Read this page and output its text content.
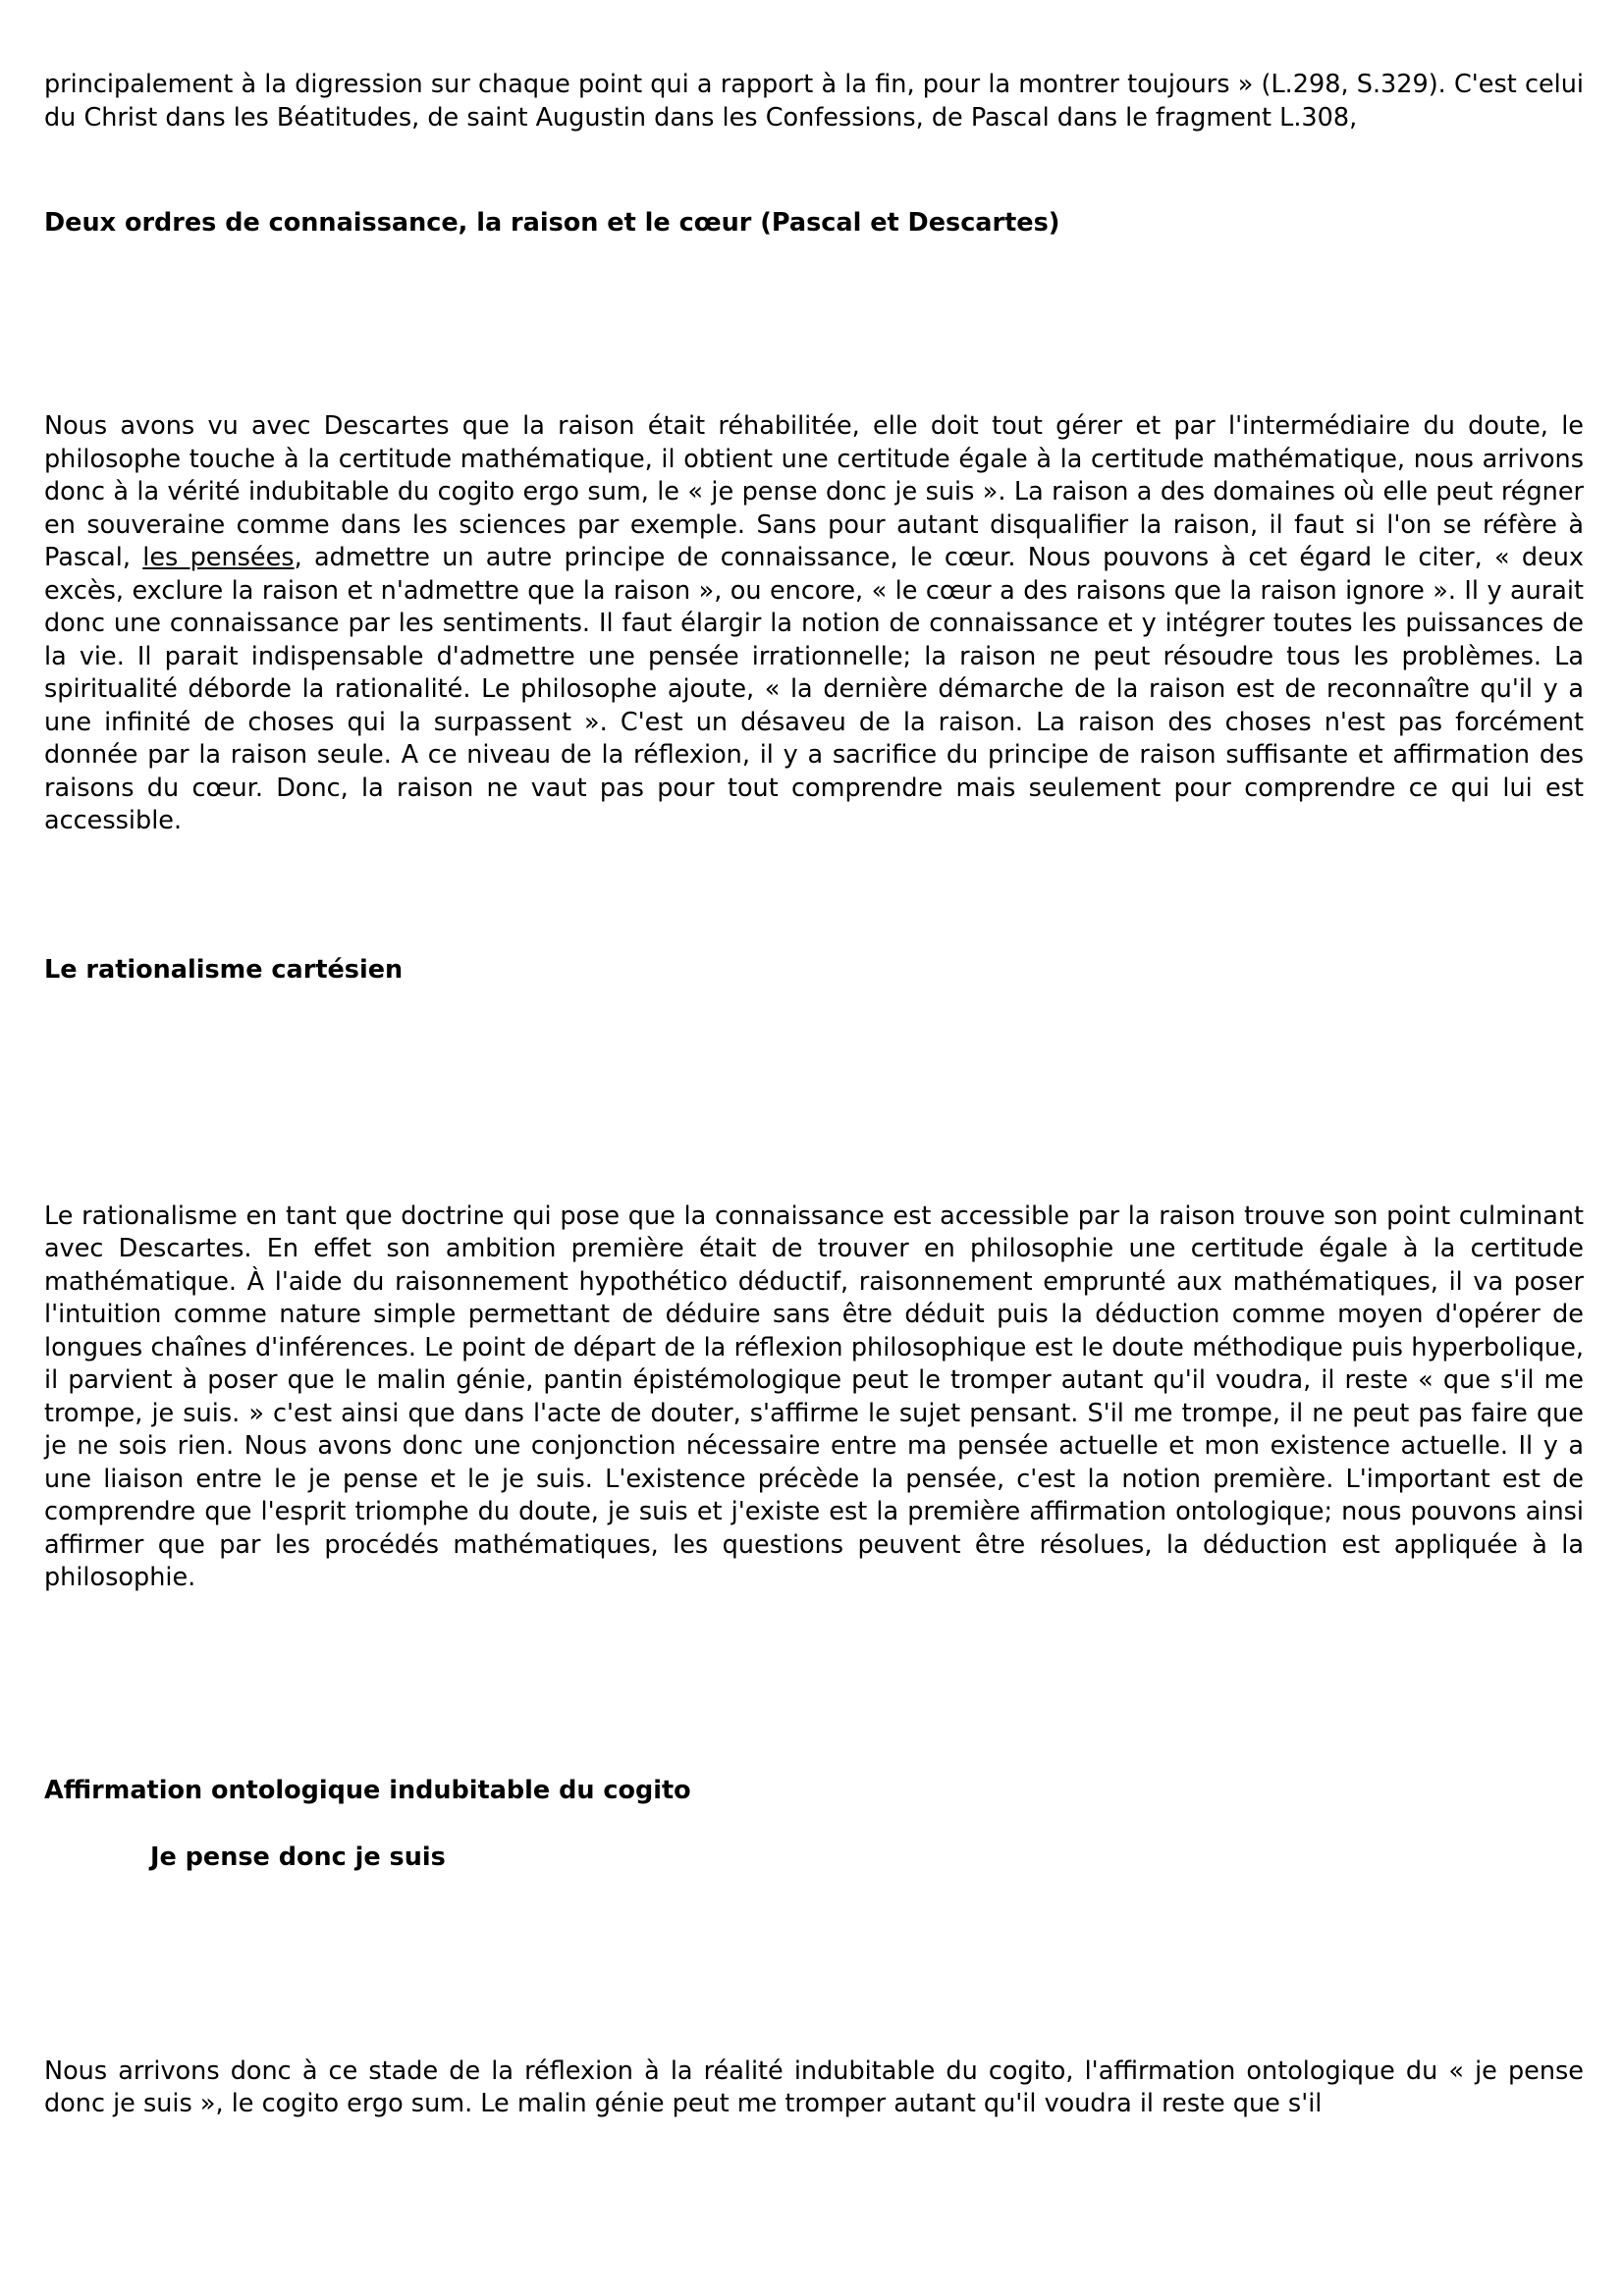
principalement à la digression sur chaque point qui a rapport à la fin, pour la montrer toujours » (L.298, S.329). C'est celui du Christ dans les Béatitudes, de saint Augustin dans les Confessions, de Pascal dans le fragment L.308,

Deux ordres de connaissance, la raison et le cœur (Pascal et Descartes)

Nous avons vu avec Descartes que la raison était réhabilitée, elle doit tout gérer et par l'intermédiaire du doute, le philosophe touche à la certitude mathématique, il obtient une certitude égale à la certitude mathématique, nous arrivons donc à la vérité indubitable du cogito ergo sum, le « je pense donc je suis ». La raison a des domaines où elle peut régner en souveraine comme dans les sciences par exemple. Sans pour autant disqualifier la raison, il faut si l'on se réfère à Pascal, les pensées, admettre un autre principe de connaissance, le cœur. Nous pouvons à cet égard le citer, « deux excès, exclure la raison et n'admettre que la raison », ou encore, « le cœur a des raisons que la raison ignore ». Il y aurait donc une connaissance par les sentiments. Il faut élargir la notion de connaissance et y intégrer toutes les puissances de la vie. Il parait indispensable d'admettre une pensée irrationnelle; la raison ne peut résoudre tous les problèmes. La spiritualité déborde la rationalité. Le philosophe ajoute, « la dernière démarche de la raison est de reconnaître qu'il y a une infinité de choses qui la surpassent ». C'est un désaveu de la raison. La raison des choses n'est pas forcément donnée par la raison seule. A ce niveau de la réflexion, il y a sacrifice du principe de raison suffisante et affirmation des raisons du cœur. Donc, la raison ne vaut pas pour tout comprendre mais seulement pour comprendre ce qui lui est accessible.

Le rationalisme cartésien

Le rationalisme en tant que doctrine qui pose que la connaissance est accessible par la raison trouve son point culminant avec Descartes. En effet son ambition première était de trouver en philosophie une certitude égale à la certitude mathématique. À l'aide du raisonnement hypothético déductif, raisonnement emprunté aux mathématiques, il va poser l'intuition comme nature simple permettant de déduire sans être déduit puis la déduction comme moyen d'opérer de longues chaînes d'inférences. Le point de départ de la réflexion philosophique est le doute méthodique puis hyperbolique, il parvient à poser que le malin génie, pantin épistémologique peut le tromper autant qu'il voudra, il reste « que s'il me trompe, je suis. » c'est ainsi que dans l'acte de douter, s'affirme le sujet pensant. S'il me trompe, il ne peut pas faire que je ne sois rien. Nous avons donc une conjonction nécessaire entre ma pensée actuelle et mon existence actuelle. Il y a une liaison entre le je pense et le je suis. L'existence précède la pensée, c'est la notion première. L'important est de comprendre que l'esprit triomphe du doute, je suis et j'existe est la première affirmation ontologique; nous pouvons ainsi affirmer que par les procédés mathématiques, les questions peuvent être résolues, la déduction est appliquée à la philosophie.

Affirmation ontologique indubitable du cogito
Je pense donc je suis

Nous arrivons donc à ce stade de la réflexion à la réalité indubitable du cogito, l'affirmation ontologique du « je pense donc je suis », le cogito ergo sum. Le malin génie peut me tromper autant qu'il voudra il reste que s'il
